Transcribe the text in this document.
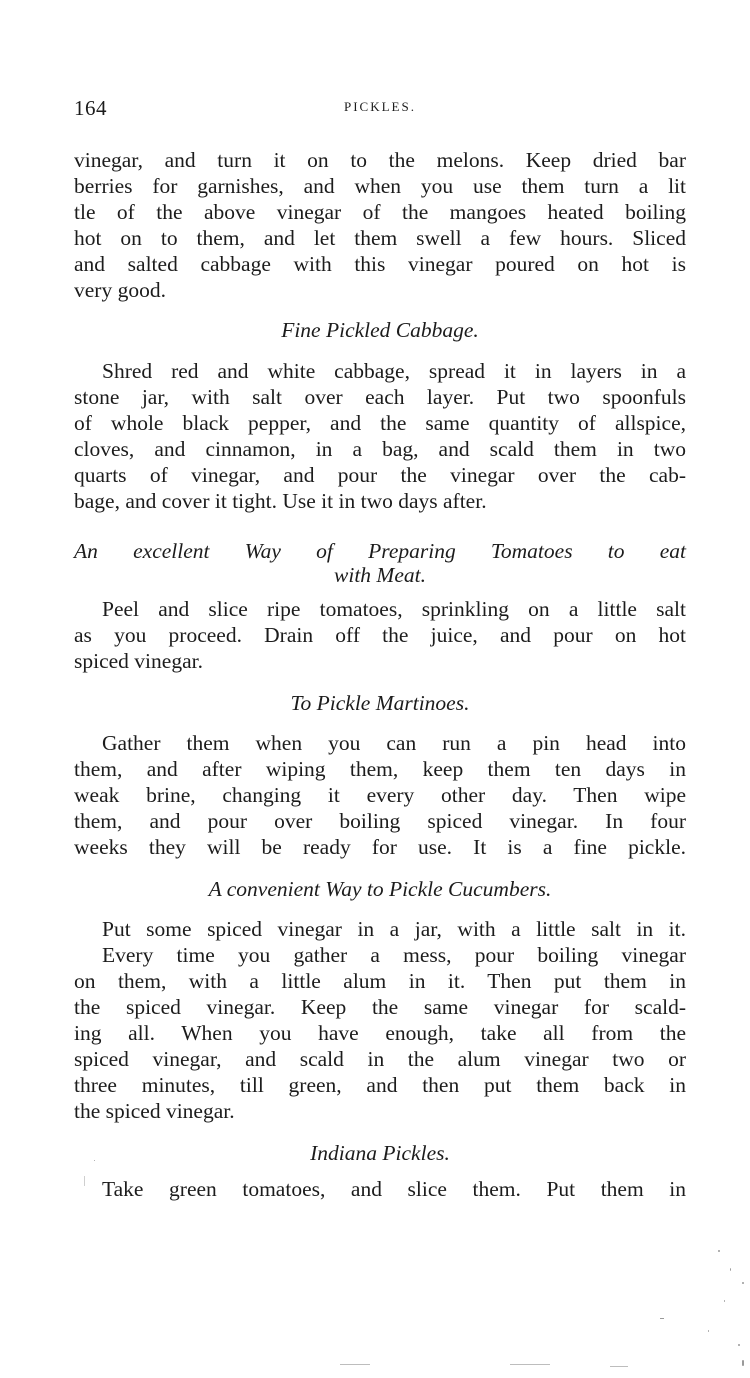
164	PICKLES.
vinegar, and turn it on to the melons. Keep dried bar
berries for garnishes, and when you use them turn a lit
tle of the above vinegar of the mangoes heated boiling
hot on to them, and let them swell a few hours. Sliced
and salted cabbage with this vinegar poured on hot is
very good.
Fine Pickled Cabbage.
Shred red and white cabbage, spread it in layers in a
stone jar, with salt over each layer. Put two spoonfuls
of whole black pepper, and the same quantity of allspice,
cloves, and cinnamon, in a bag, and scald them in two
quarts of vinegar, and pour the vinegar over the cab-
bage, and cover it tight. Use it in two days after.
An excellent Way of Preparing Tomatoes to eat
with Meat.
Peel and slice ripe tomatoes, sprinkling on a little salt
as you proceed. Drain off the juice, and pour on hot
spiced vinegar.
To Pickle Martinoes.
Gather them when you can run a pin head into
them, and after wiping them, keep them ten days in
weak brine, changing it every other day. Then wipe
them, and pour over boiling spiced vinegar. In four
weeks they will be ready for use. It is a fine pickle.
A convenient Way to Pickle Cucumbers.
Put some spiced vinegar in a jar, with a little salt in it.
Every time you gather a mess, pour boiling vinegar
on them, with a little alum in it. Then put them in
the spiced vinegar. Keep the same vinegar for scald-
ing all. When you have enough, take all from the
spiced vinegar, and scald in the alum vinegar two or
three minutes, till green, and then put them back in
the spiced vinegar.
Indiana Pickles.
Take green tomatoes, and slice them. Put them in
